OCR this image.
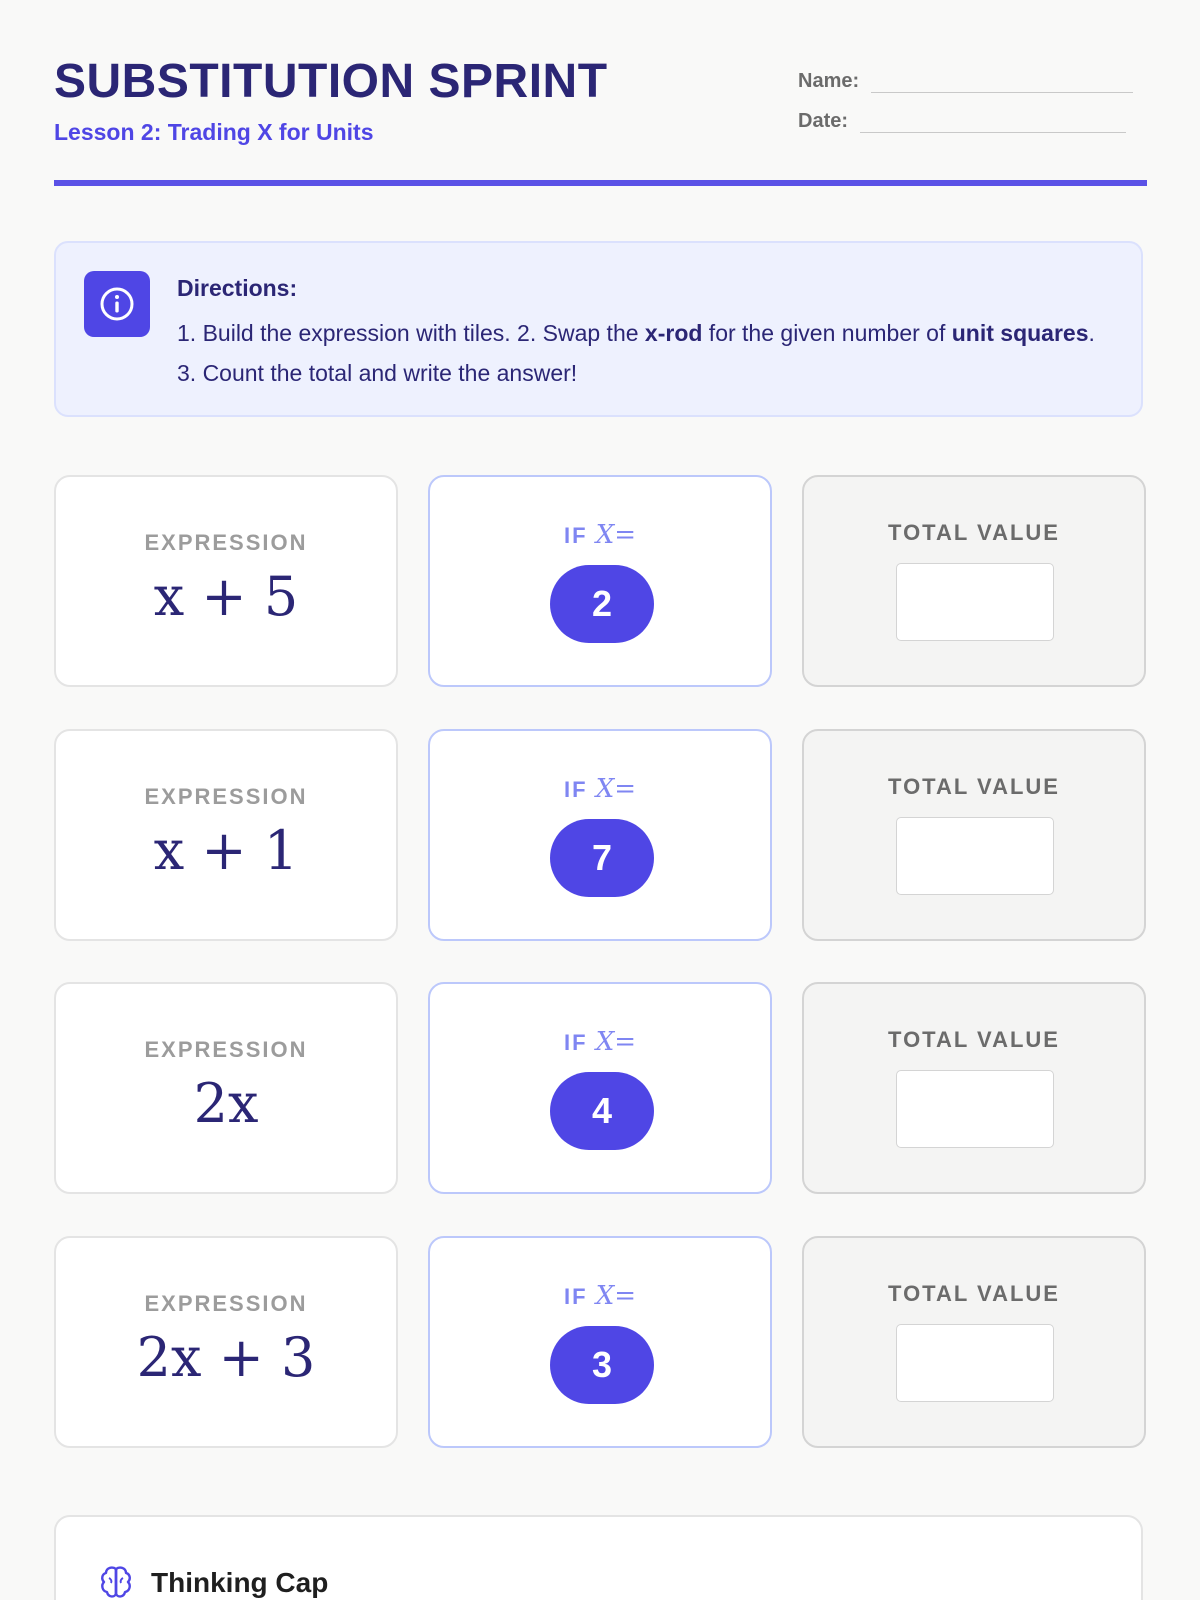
SUBSTITUTION SPRINT
Lesson 2: Trading X for Units
Name:
Date:
Directions:
1. Build the expression with tiles. 2. Swap the x-rod for the given number of unit squares. 3. Count the total and write the answer!
EXPRESSION
x + 5
IF X=
2
TOTAL VALUE
EXPRESSION
x + 1
IF X=
7
TOTAL VALUE
EXPRESSION
2x
IF X=
4
TOTAL VALUE
EXPRESSION
2x + 3
IF X=
3
TOTAL VALUE
Thinking Cap
